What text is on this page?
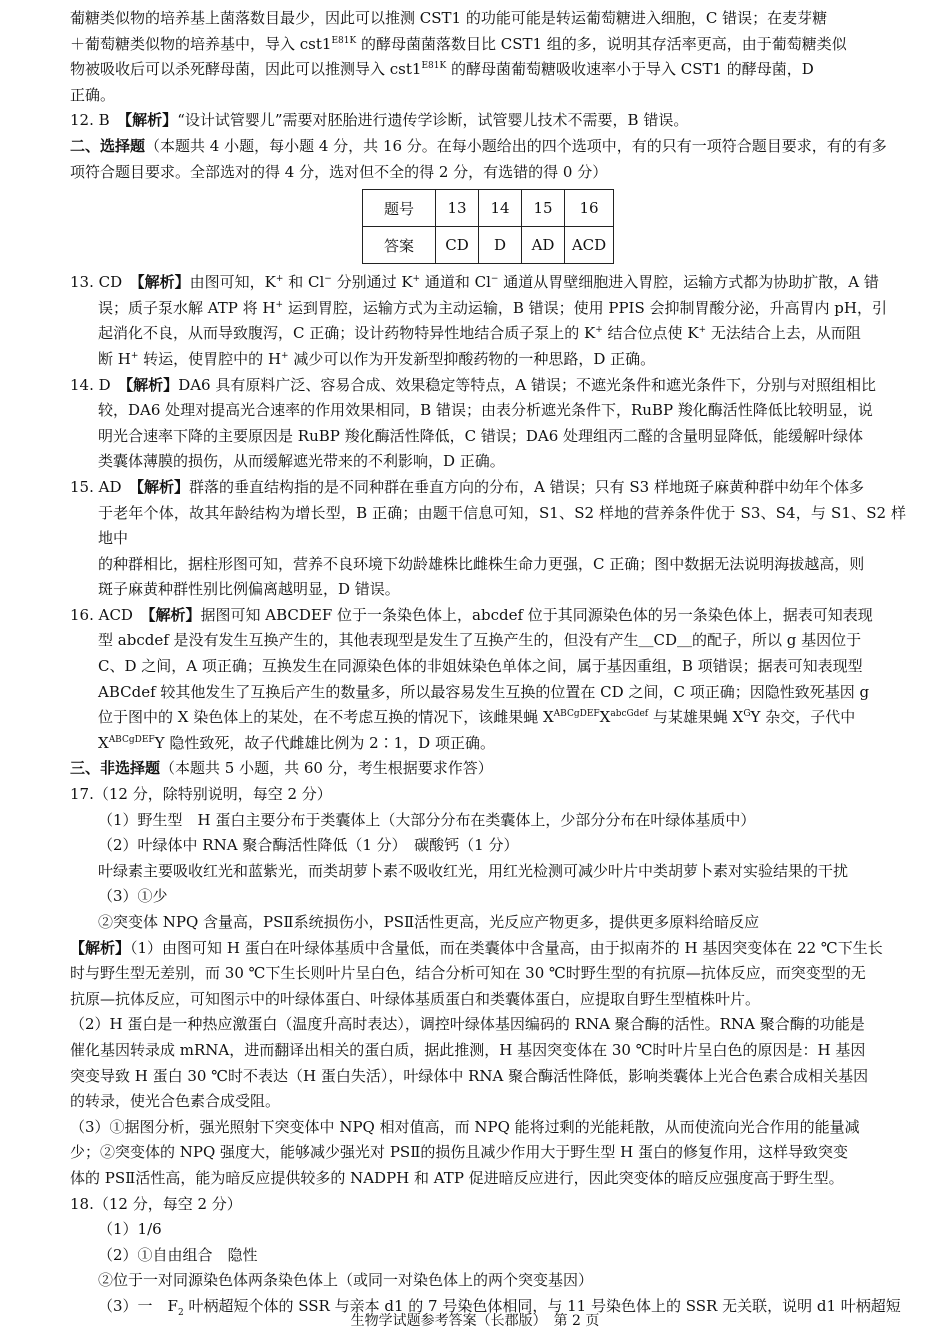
葡糖类似物的培养基上菌落数目最少，因此可以推测 CST1 的功能可能是转运葡萄糖进入细胞，C 错误；在麦芽糖

＋葡萄糖类似物的培养基中，导入 $cst1^{E81K}$ 的酵母菌菌落数目比 CST1 组的多，说明其存活率更高，由于葡萄糖类似

物被吸收后可以杀死酵母菌，因此可以推测导入 $cst1^{E81K}$ 的酵母菌葡萄糖吸收速率小于导入 CST1 的酵母菌，D

正确。

12. B　 【解析】“设计试管婴儿”需要对胚胎进行遗传学诊断，试管婴儿技术不需要，B 错误。

二、选择题（本题共 4 小题，每小题 4 分，共 16 分。在每小题给出的四个选项中，有的只有一项符合题目要求，有的有多

项符合题目要求。全部选对的得 4 分，选对但不全的得 2 分，有选错的得 0 分）

题号	13	14	15	16
答案	CD	D	AD	ACD

13. CD　 【解析】由图可知，K+ 和 Cl− 分别通过 K+ 通道和 Cl− 通道从胃壁细胞进入胃腔，运输方式都为协助扩散，A 错

误；质子泵水解 ATP 将 H+ 运到胃腔，运输方式为主动运输，B 错误；使用 PPIS 会抑制胃酸分泌，升高胃内 pH，引

起消化不良，从而导致腹泻，C 正确；设计药物特异性地结合质子泵上的 K+ 结合位点使 K+ 无法结合上去，从而阻

断 H+ 转运，使胃腔中的 H+ 减少可以作为开发新型抑酸药物的一种思路，D 正确。

14. D　 【解析】DA6 具有原料广泛、容易合成、效果稳定等特点，A 错误；不遮光条件和遮光条件下，分别与对照组相比

较，DA6 处理对提高光合速率的作用效果相同，B 错误；由表分析遮光条件下，RuBP 羧化酶活性降低比较明显，说

明光合速率下降的主要原因是 RuBP 羧化酶活性降低，C 错误；DA6 处理组丙二醛的含量明显降低，能缓解叶绿体

类囊体薄膜的损伤，从而缓解遮光带来的不利影响，D 正确。

15. AD　 【解析】群落的垂直结构指的是不同种群在垂直方向的分布，A 错误；只有 S3 样地斑子麻黄种群中幼年个体多

于老年个体，故其年龄结构为增长型，B 正确；由题干信息可知，S1、S2 样地的营养条件优于 S3、S4，与 S1、S2 样地中

的种群相比，据柱形图可知，营养不良环境下幼龄雄株比雌株生命力更强，C 正确；图中数据无法说明海拔越高，则

斑子麻黄种群性别比例偏离越明显，D 错误。

16. ACD　 【解析】据图可知 ABCDEF 位于一条染色体上，abcdef 位于其同源染色体的另一条染色体上，据表可知表现

型 abcdef 是没有发生互换产生的，其他表现型是发生了互换产生的，但没有产生＿CD＿的配子，所以 g 基因位于

C、D 之间，A 项正确；互换发生在同源染色体的非姐妹染色单体之间，属于基因重组，B 项错误；据表可知表现型

ABCdef 较其他发生了互换后产生的数量多，所以最容易发生互换的位置在 CD 之间，C 项正确；因隐性致死基因 g

位于图中的 X 染色体上的某处，在不考虑互换的情况下，该雌果蝇 $X^{ABCgDEF}X^{abcGdef}$ 与某雄果蝇 $X^GY$ 杂交，子代中

$X^{ABCgDEF}Y$ 隐性致死，故子代雌雄比例为 2∶1，D 项正确。

三、非选择题（本题共 5 小题，共 60 分，考生根据要求作答）

17.（12 分，除特别说明，每空 2 分）

（1）野生型　H 蛋白主要分布于类囊体上（大部分分布在类囊体上，少部分分布在叶绿体基质中）

（2）叶绿体中 RNA 聚合酶活性降低（1 分）　碳酸钙（1 分）

叶绿素主要吸收红光和蓝紫光，而类胡萝卜素不吸收红光，用红光检测可减少叶片中类胡萝卜素对实验结果的干扰

（3）①少

②突变体 NPQ 含量高，PSⅡ系统损伤小，PSⅡ活性更高，光反应产物更多，提供更多原料给暗反应

【解析】（1）由图可知 H 蛋白在叶绿体基质中含量低，而在类囊体中含量高，由于拟南芥的 H 基因突变体在 22 ℃下生长

时与野生型无差别，而 30 ℃下生长则叶片呈白色，结合分析可知在 30 ℃时野生型的有抗原—抗体反应，而突变型的无

抗原—抗体反应，可知图示中的叶绿体蛋白、叶绿体基质蛋白和类囊体蛋白，应提取自野生型植株叶片。

（2）H 蛋白是一种热应激蛋白（温度升高时表达），调控叶绿体基因编码的 RNA 聚合酶的活性。RNA 聚合酶的功能是

催化基因转录成 mRNA，进而翻译出相关的蛋白质，据此推测，H 基因突变体在 30 ℃时叶片呈白色的原因是：H 基因

突变导致 H 蛋白 30 ℃时不表达（H 蛋白失活），叶绿体中 RNA 聚合酶活性降低，影响类囊体上光合色素合成相关基因

的转录，使光合色素合成受阻。

（3）①据图分析，强光照射下突变体中 NPQ 相对值高，而 NPQ 能将过剩的光能耗散，从而使流向光合作用的能量减

少；②突变体的 NPQ 强度大，能够减少强光对 PSⅡ的损伤且减少作用大于野生型 H 蛋白的修复作用，这样导致突变

体的 PSⅡ活性高，能为暗反应提供较多的 NADPH 和 ATP 促进暗反应进行，因此突变体的暗反应强度高于野生型。

18.（12 分，每空 2 分）

（1）1/6

（2）①自由组合　隐性

②位于一对同源染色体两条染色体上（或同一对染色体上的两个突变基因）

（3）一　$F_2$ 叶柄超短个体的 SSR 与亲本 d1 的 7 号染色体相同，与 11 号染色体上的 SSR 无关联，说明 d1 叶柄超短

生物学试题参考答案（长郡版）　第 2 页
